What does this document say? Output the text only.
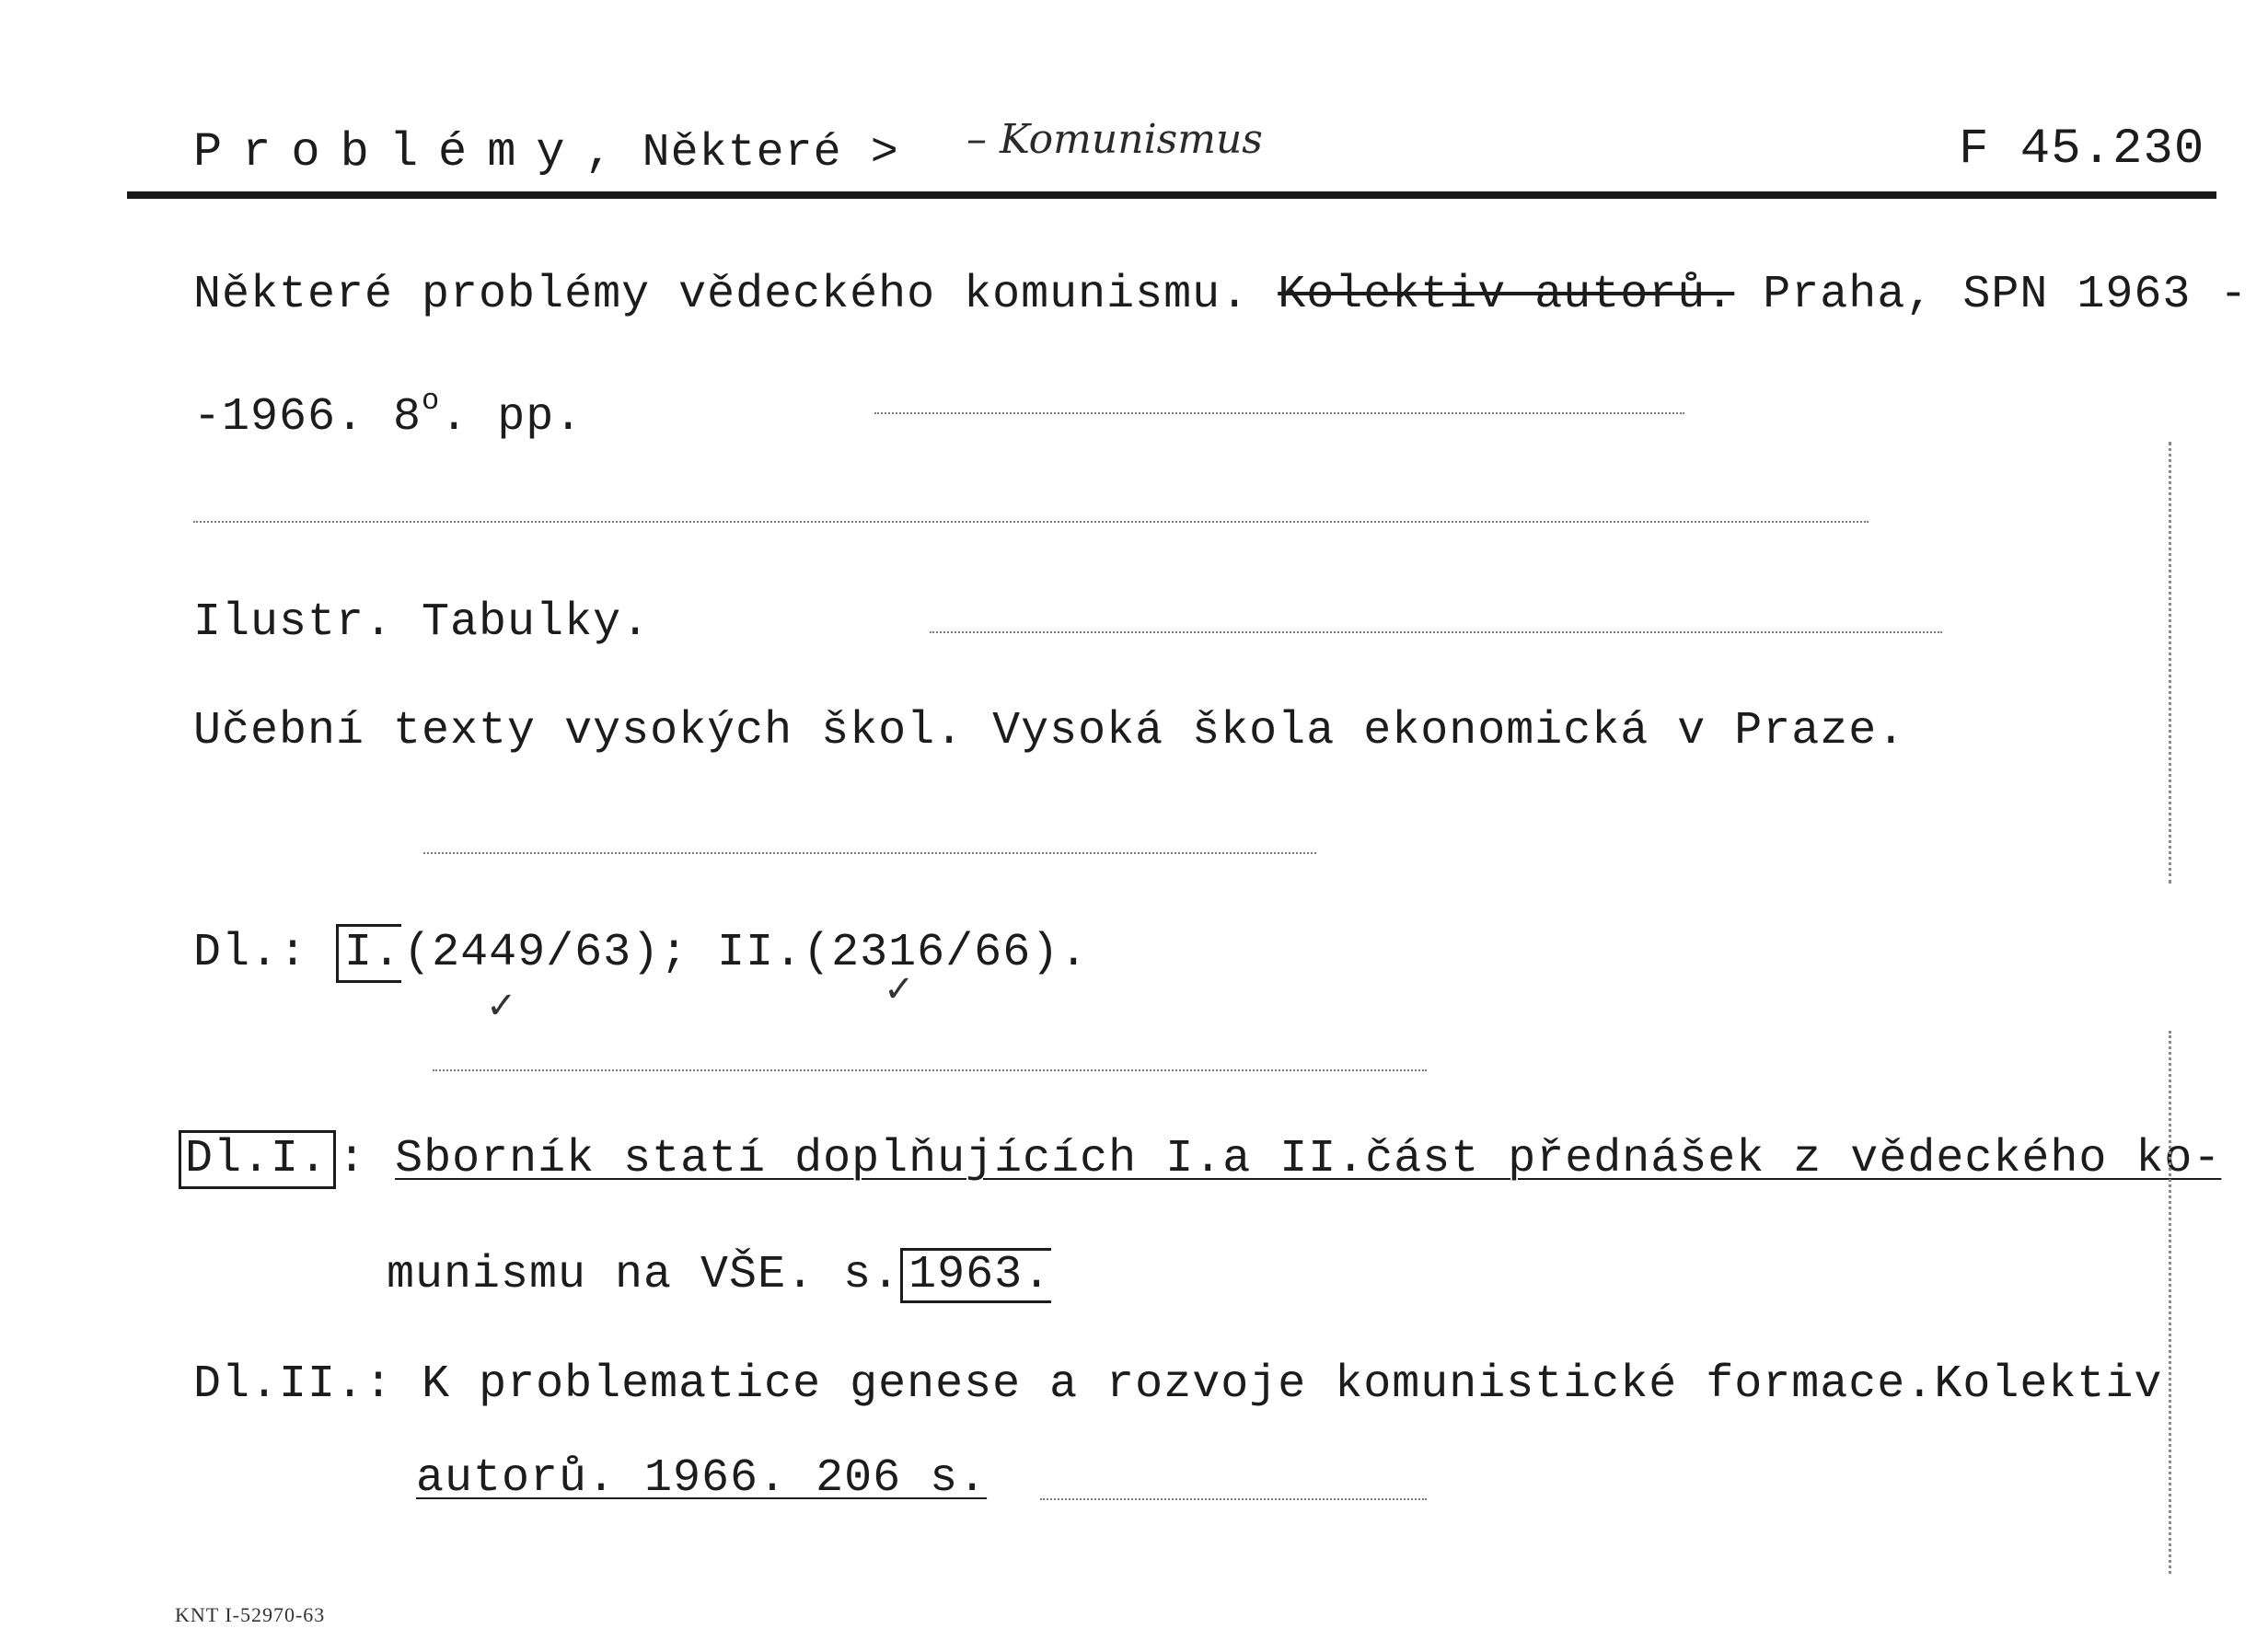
Problémy, Některé > – Komunismus	F 45.230
Některé problémy vědeckého komunismu. Kolektiv autorů. Praha, SPN 1963 -
-1966. 8$^o$. pp.
Ilustr. Tabulky.
Učební texty vysokých škol. Vysoká škola ekonomická v Praze.
Dl.: I.(2449/63); II.(2316/66).
✓	✓
Dl.I. : Sborník statí doplňujících I.a II.část přednášek z vědeckého ko-
munismu na VŠE. s. 1963.
Dl.II.: K problematice genese a rozvoje komunistické formace.Kolektiv
autorů. 1966. 206 s.
KNT I-52970-63
